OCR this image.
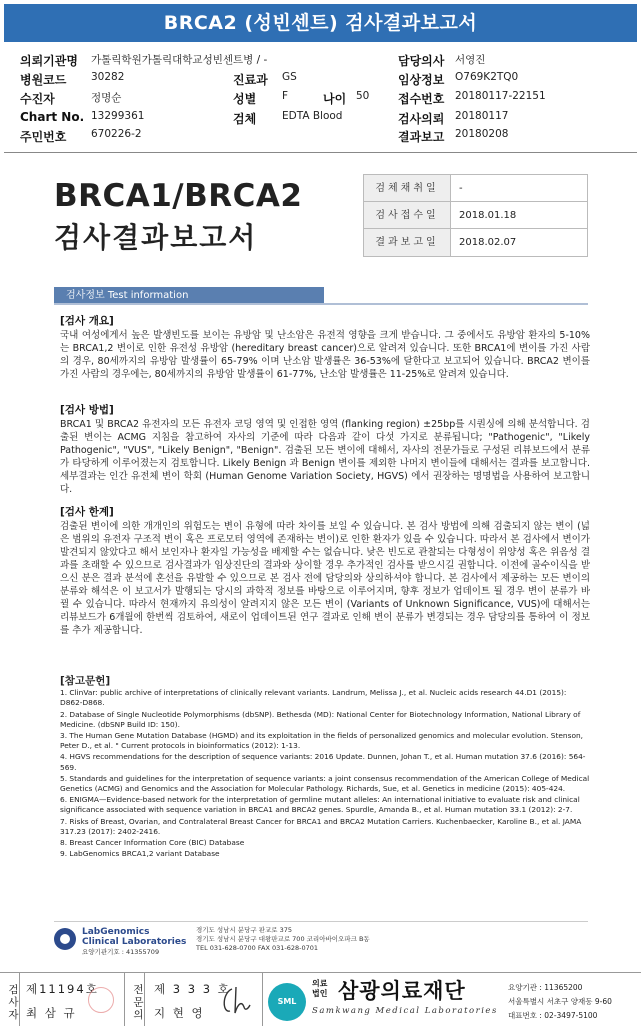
BRCA2 (성빈센트) 검사결과보고서
의뢰기관명 가톨릭학원가톨릭대학교성빈센트병 / -	담당의사 서영진
병원코드 30282	진료과 GS	임상정보 O769K2TQ0
수진자	정명순	성별 F	나이 50 접수번호 20180117-22151
Chart No. 13299361	검체 EDTA Blood	검사의뢰 20180117
주민번호 670226-2	결과보고 20180208
BRCA1/BRCA2
검사결과보고서
검체채취일	-
검사접수일	2018.01.18
결과보고일	2018.02.07
검사정보 Test information
[검사 개요]

국내 여성에게서 높은 발생빈도를 보이는 유방암 및 난소암은 유전적 영향을 크게 받습니다. 그 중에서도 유방암 환자의 5-10%는 BRCA1,2 변이로 인한 유전성 유방암 (hereditary breast cancer)으로 알려져 있습니다. 또한 BRCA1에 변이를 가진 사람의 경우, 80세까지의 유방암 발생률이 65-79% 이며 난소암 발생률은 36-53%에 달한다고 보고되어 있습니다. BRCA2 변이를 가진 사람의 경우에는, 80세까지의 유방암 발생률이 61-77%, 난소암 발생률은 11-25%로 알려져 있습니다.

[검사 방법]

BRCA1 및 BRCA2 유전자의 모든 유전자 코딩 영역 및 인접한 영역 (flanking region) ±25bp를 시퀀싱에 의해 분석합니다. 검출된 변이는 ACMG 지침을 참고하여 자사의 기준에 따라 다음과 같이 다섯 가지로 분류됩니다; "Pathogenic", "Likely Pathogenic", "VUS", "Likely Benign", "Benign". 검출된 모든 변이에 대해서, 자사의 전문가들로 구성된 리뷰보드에서 분류가 타당하게 이루어졌는지 검토합니다. Likely Benign 과 Benign 변이를 제외한 나머지 변이들에 대해서는 결과를 보고합니다. 세부결과는 인간 유전체 변이 학회 (Human Genome Variation Society, HGVS) 에서 권장하는 명명법을 사용하여 보고합니다.

[검사 한계]

검출된 변이에 의한 개개인의 위험도는 변이 유형에 따라 차이를 보일 수 있습니다. 본 검사 방법에 의해 검출되지 않는 변이 (넓은 범위의 유전자 구조적 변이 혹은 프로모터 영역에 존재하는 변이)로 인한 환자가 있을 수 있습니다. 따라서 본 검사에서 변이가 발견되지 않았다고 해서 보인자나 환자일 가능성을 배제할 수는 없습니다. 낮은 빈도로 관찰되는 다형성이 위양성 혹은 위음성 결과를 초래할 수 있으므로 검사결과가 임상진단의 결과와 상이할 경우 추가적인 검사를 받으시길 권합니다. 이전에 골수이식을 받으신 분은 결과 분석에 혼선을 유발할 수 있으므로 본 검사 전에 담당의와 상의하셔야 합니다. 본 검사에서 제공하는 모든 변이의 분류와 해석은 이 보고서가 발행되는 당시의 과학적 정보를 바탕으로 이루어지며, 향후 정보가 업데이트 될 경우 변이 분류가 바뀔 수 있습니다. 따라서 현재까지 유의성이 알려지지 않은 모든 변이 (Variants of Unknown Significance, VUS)에 대해서는 리뷰보드가 6개월에 한번씩 검토하여, 새로이 업데이트된 연구 결과로 인해 변이 분류가 변경되는 경우 담당의를 통하여 이 정보를 추가 제공합니다.

[참고문헌]
1. ClinVar: public archive of interpretations of clinically relevant variants. Landrum, Melissa J., et al. Nucleic acids research 44.D1 (2015): D862-D868.
2. Database of Single Nucleotide Polymorphisms (dbSNP). Bethesda (MD): National Center for Biotechnology Information, National Library of Medicine. (dbSNP Build ID: 150).
3. The Human Gene Mutation Database (HGMD) and its exploitation in the fields of personalized genomics and molecular evolution. Stenson, Peter D., et al. " Current protocols in bioinformatics (2012): 1-13.
4. HGVS recommendations for the description of sequence variants: 2016 Update. Dunnen, Johan T., et al. Human mutation 37.6 (2016): 564-569.
5. Standards and guidelines for the interpretation of sequence variants: a joint consensus recommendation of the American College of Medical Genetics (ACMG) and Genomics and the Association for Molecular Pathology. Richards, Sue, et al. Genetics in medicine (2015): 405-424.
6. ENIGMA—Evidence-based network for the interpretation of germline mutant alleles: An international initiative to evaluate risk and clinical significance associated with sequence variation in BRCA1 and BRCA2 genes. Spurdle, Amanda B., et al. Human mutation 33.1 (2012): 2-7.
7. Risks of Breast, Ovarian, and Contralateral Breast Cancer for BRCA1 and BRCA2 Mutation Carriers. Kuchenbaecker, Karoline B., et al. JAMA 317.23 (2017): 2402-2416.
8. Breast Cancer Information Core (BIC) Database
9. LabGenomics BRCA1,2 variant Database
LabGenomics
Clinical Laboratories
요양기관기호 : 41355709
경기도 성남시 분당구 판교로 375
경기도 성남시 분당구 대왕판교로 700 코리아바이오파크 B동
TEL 031-628-0700 FAX 031-628-0701
검사자 제11194호
최 삼 규	전문의 제 3 3 3 호
지 현 영
SML
의료
법인 삼광의료재단
Samkwang Medical Laboratories
요양기관 : 11365200
서울특별시 서초구 양재동 9-60
대표번호 : 02-3497-5100
